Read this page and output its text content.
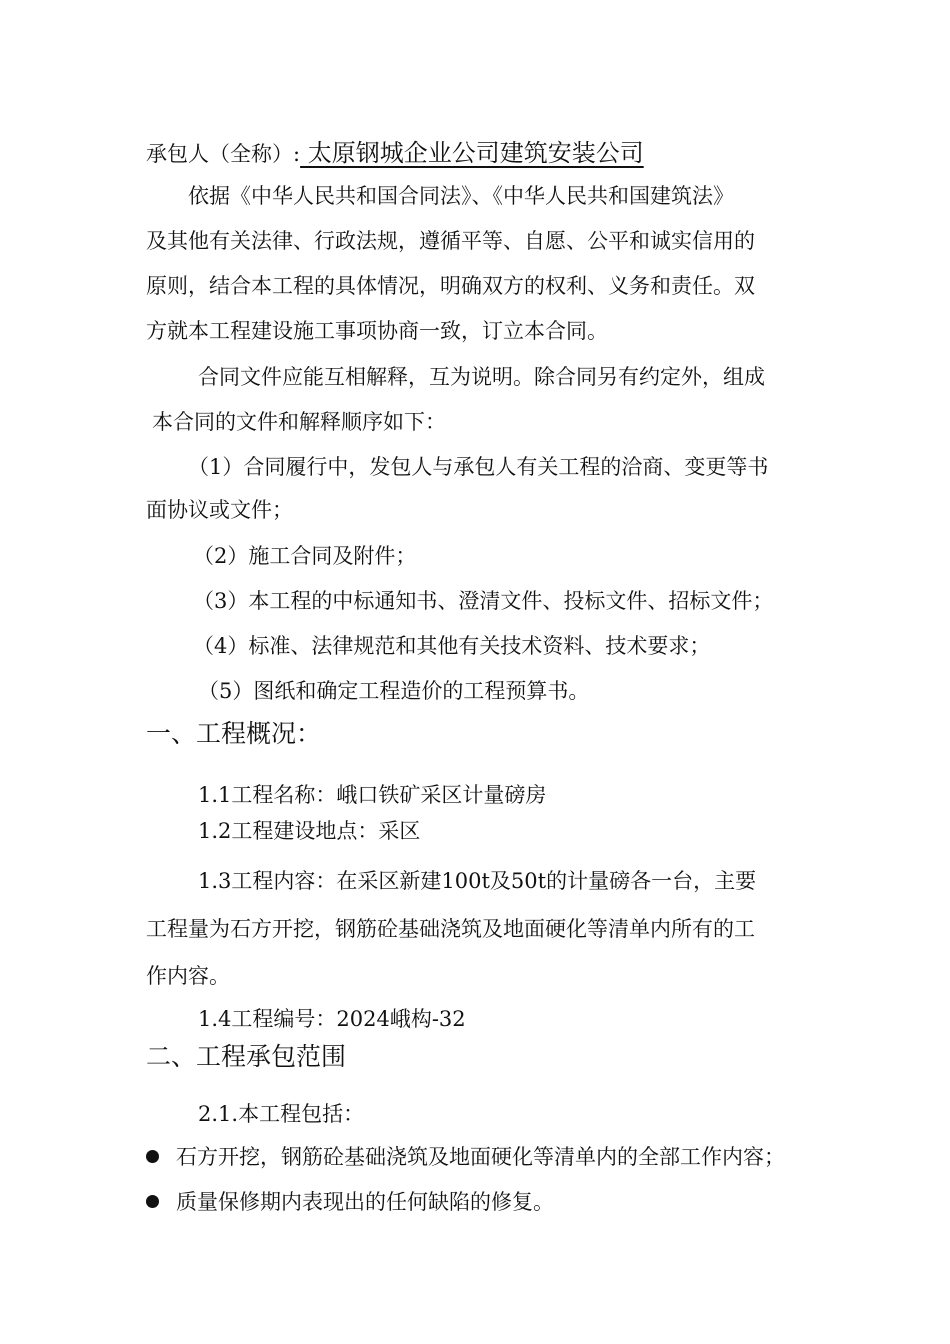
承包人（全称）: 太原钢城企业公司建筑安装公司
依据《中华人民共和国合同法》、《中华人民共和国建筑法》
及其他有关法律、行政法规，遵循平等、自愿、公平和诚实信用的
原则，结合本工程的具体情况，明确双方的权利、义务和责任。双
方就本工程建设施工事项协商一致，订立本合同。
合同文件应能互相解释，互为说明。除合同另有约定外，组成
本合同的文件和解释顺序如下：
（1）合同履行中，发包人与承包人有关工程的洽商、变更等书
面协议或文件；
（2）施工合同及附件；
（3）本工程的中标通知书、澄清文件、投标文件、招标文件；
（4）标准、法律规范和其他有关技术资料、技术要求；
（5）图纸和确定工程造价的工程预算书。
一、工程概况：
1.1工程名称：峨口铁矿采区计量磅房
1.2工程建设地点：采区
1.3工程内容：在采区新建100t及50t的计量磅各一台，主要
工程量为石方开挖，钢筋砼基础浇筑及地面硬化等清单内所有的工
作内容。
1.4工程编号：2024峨构-32
二、工程承包范围
2.1.本工程包括：
石方开挖，钢筋砼基础浇筑及地面硬化等清单内的全部工作内容；
质量保修期内表现出的任何缺陷的修复。
